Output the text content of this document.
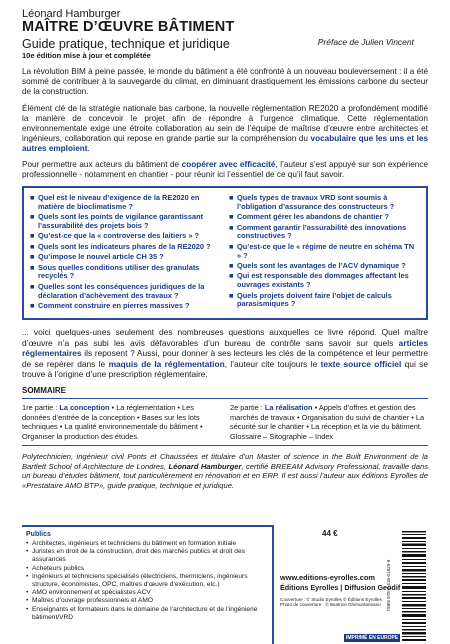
Léonard Hamburger
MAÎTRE D’ŒUVRE BÂTIMENT
Guide pratique, technique et juridique	Préface de Julien Vincent
10e édition mise à jour et complétée

La révolution BIM à peine passée, le monde du bâtiment a été confronté à un nouveau bouleversement : il a été sommé de contribuer à la sauvegarde du climat, en diminuant drastiquement les émissions carbone du secteur de la construction.

Élément clé de la stratégie nationale bas carbone, la nouvelle réglementation RE2020 a profondément modifié la manière de concevoir le projet afin de répondre à l’urgence climatique. Cette réglementation environnementale exige une étroite collaboration au sein de l’équipe de maîtrise d’œuvre entre architectes et ingénieurs, collaboration qui repose en grande partie sur la compréhension du vocabulaire que les uns et les autres emploient.

Pour permettre aux acteurs du bâtiment de coopérer avec efficacité, l’auteur s’est appuyé sur son expérience professionnelle - notamment en chantier - pour réunir ici l’essentiel de ce qu’il faut savoir.

■ Quel est le niveau d’exigence de la RE2020 en matière de bioclimatisme ?
■ Quels sont les points de vigilance garantissant l’assurabilité des projets bois ?
■ Qu’est-ce que la « controverse des laitiers » ?
■ Quels sont les indicateurs phares de la RE2020 ?
■ Qu’impose le nouvel article CH 35 ?
■ Sous quelles conditions utiliser des granulats recyclés ?
■ Quelles sont les conséquences juridiques de la déclaration d’achèvement des travaux ?
■ Comment construire en pierres massives ?
■ Quels types de travaux VRD sont soumis à l’obligation d’assurance des constructeurs ?
■ Comment gérer les abandons de chantier ?
■ Comment garantir l’assurabilité des innovations constructives ?
■ Qu’est-ce que le « régime de neutre en schéma TN » ?
■ Quels sont les avantages de l’ACV dynamique ?
■ Qui est responsable des dommages affectant les ouvrages existants ?
■ Quels projets doivent faire l’objet de calculs parasismiques ?

... voici quelques-unes seulement des nombreuses questions auxquelles ce livre répond. Quel maître d’œuvre n’a pas subi les avis défavorables d’un bureau de contrôle sans savoir sur quels articles réglementaires ils reposent ? Aussi, pour donner à ses lecteurs les clés de la compétence et leur permettre de se repérer dans le maquis de la réglementation, l’auteur cite toujours le texte source officiel qui se trouve à l’origine d’une prescription réglementaire.

SOMMAIRE
1re partie : La conception • La réglementation • Les données d’entrée de la conception • Bases sur les lots techniques • La qualité environnementale du bâtiment • Organiser la production des études.
2e partie : La réalisation • Appels d’offres et gestion des marchés de travaux • Organisation du suivi de chantier • La sécurité sur le chantier • La réception et la vie du bâtiment. Glossaire – Sitographie – Index

Polytechnicien, ingénieur civil Ponts et Chaussées et titulaire d’un Master of science in the Built Environment de la Bartlett School of Architecture de Londres, Léonard Hamburger, certifié BREEAM Advisory Professional, travaille dans un bureau d’études bâtiment, tout particulièrement en rénovation et en ERP. Il est aussi l’auteur aux éditions Eyrolles de «Prestataire AMO BTP», guide pratique, technique et juridique.

Publics
• Architectes, ingénieurs et techniciens du bâtiment en formation initiale
• Juristes en droit de la construction, droit des marchés publics et droit des assurances
• Acheteurs publics
• Ingénieurs et techniciens spécialisés (électriciens, thermiciens, ingénieurs structure, économistes, OPC, maîtres d’œuvre d’exécution, etc.)
• AMO environnement et spécialistes ACV
• Maîtres d’ouvrage professionnels et AMO
• Enseignants et formateurs dans le domaine de l’architecture et de l’ingénierie bâtiment/VRD
44 €
www.editions-eyrolles.com
Éditions Eyrolles | Diffusion Geodif
Couverture : © Studio Eyrolles © Éditions Eyrolles
Photo de couverture : © Beatrice Ghimuntaneanu
IMPRIMÉ EN EUROPE
ISBN 978-2-416-01829-9
